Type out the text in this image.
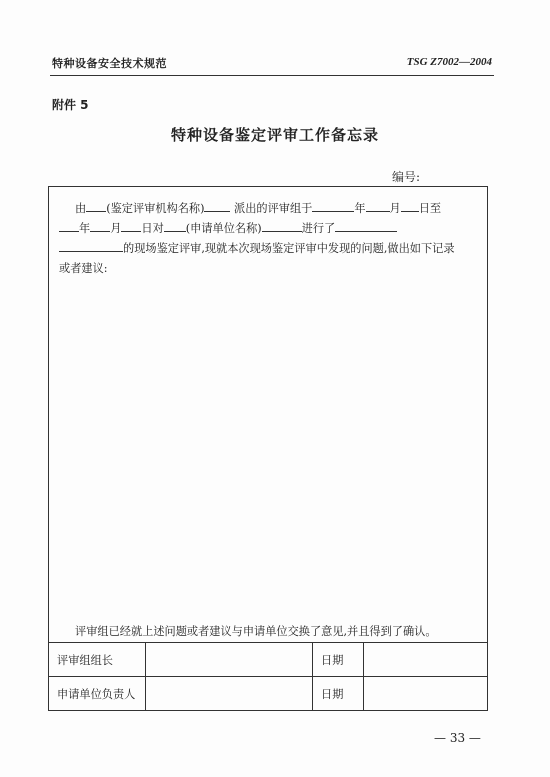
特种设备安全技术规范	TSG Z7002—2004
附件 5
特种设备鉴定评审工作备忘录
编号:

由 (鉴定评审机构名称)	派出的评审组于	年 月 日至

年 月 日对 (申请单位名称)	进行了

的现场鉴定评审,现就本次现场鉴定评审中发现的问题,做出如下记录

或者建议:

评审组已经就上述问题或者建议与申请单位交换了意见,并且得到了确认。
评审组组长		日期	
申请单位负责人		日期	
— 33 —
